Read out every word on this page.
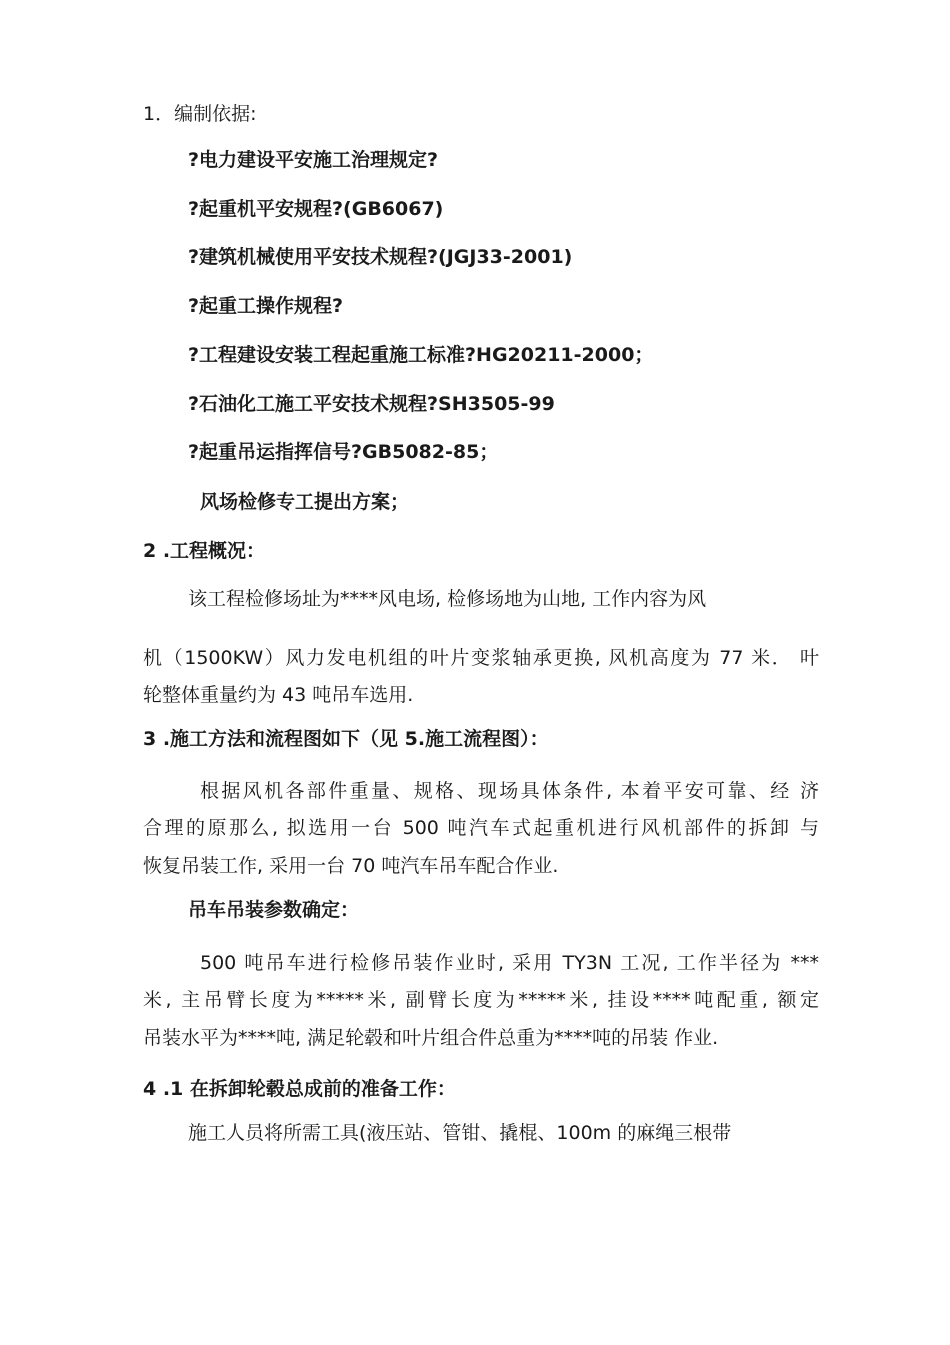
1．编制依据:
?电力建设平安施工治理规定?
?起重机平安规程?(GB6067)
?建筑机械使用平安技术规程?(JGJ33-2001)
?起重工操作规程?
?工程建设安装工程起重施工标准?HG20211-2000；
?石油化工施工平安技术规程?SH3505-99
?起重吊运指挥信号?GB5082-85；
风场检修专工提出方案；
2 .工程概况：
该工程检修场址为****风电场, 检修场地为山地, 工作内容为风
机（1500KW）风力发电机组的叶片变浆轴承更换, 风机高度为 77 米． 叶
轮整体重量约为 43 吨吊车选用.
3 .施工方法和流程图如下（见 5.施工流程图）：
根据风机各部件重量、规格、现场具体条件, 本着平安可靠、经 济
合理的原那么, 拟选用一台 500 吨汽车式起重机进行风机部件的拆卸 与
恢复吊装工作, 采用一台 70 吨汽车吊车配合作业.
吊车吊装参数确定：
500 吨吊车进行检修吊装作业时, 采用 TY3N 工况, 工作半径为 ***
米, 主吊臂长度为*****米, 副臂长度为*****米, 挂设****吨配重, 额定
吊装水平为****吨, 满足轮毂和叶片组合件总重为****吨的吊装 作业.
4 .1 在拆卸轮毂总成前的准备工作：
施工人员将所需工具(液压站、管钳、撬棍、100m 的麻绳三根带
